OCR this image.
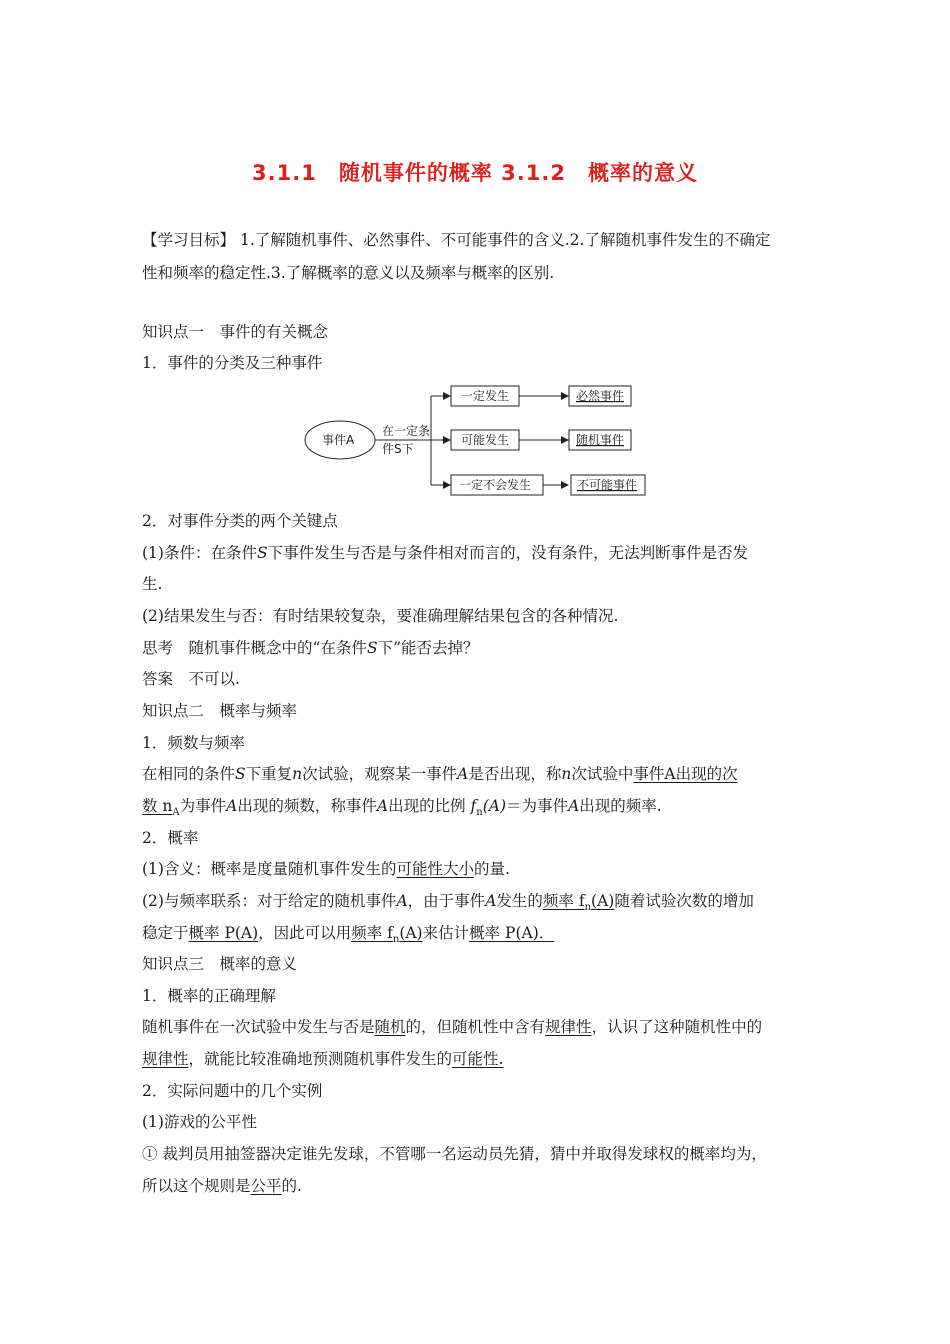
3.1.1　随机事件的概率 3.1.2　概率的意义
【学习目标】 1.了解随机事件、必然事件、不可能事件的含义.2.了解随机事件发生的不确定
性和频率的稳定性.3.了解概率的意义以及频率与概率的区别.
知识点一　事件的有关概念
1．事件的分类及三种事件
事件A
在一定条
件S下
一定发生
可能发生
一定不会发生
必然事件
随机事件
不可能事件
2．对事件分类的两个关键点
(1)条件：在条件S下事件发生与否是与条件相对而言的，没有条件，无法判断事件是否发
生.
(2)结果发生与否：有时结果较复杂，要准确理解结果包含的各种情况.
思考　随机事件概念中的“在条件S下”能否去掉？
答案　不可以.
知识点二　概率与频率
1．频数与频率
在相同的条件S下重复n次试验，观察某一事件A是否出现，称n次试验中事件A出现的次
数 $n_A$为事件A出现的频数，称事件A出现的比例 $f_n(A)=$为事件A出现的频率.
2．概率
(1)含义：概率是度量随机事件发生的可能性大小的量.
(2)与频率联系：对于给定的随机事件A，由于事件A发生的频率 $f_n(A)$随着试验次数的增加
稳定于概率 P(A)，因此可以用频率 $f_n(A)$来估计概率 P(A)．
知识点三　概率的意义
1．概率的正确理解
随机事件在一次试验中发生与否是随机的，但随机性中含有规律性，认识了这种随机性中的
规律性，就能比较准确地预测随机事件发生的可能性.
2．实际问题中的几个实例
(1)游戏的公平性
① 裁判员用抽签器决定谁先发球，不管哪一名运动员先猜，猜中并取得发球权的概率均为，
所以这个规则是公平的.
